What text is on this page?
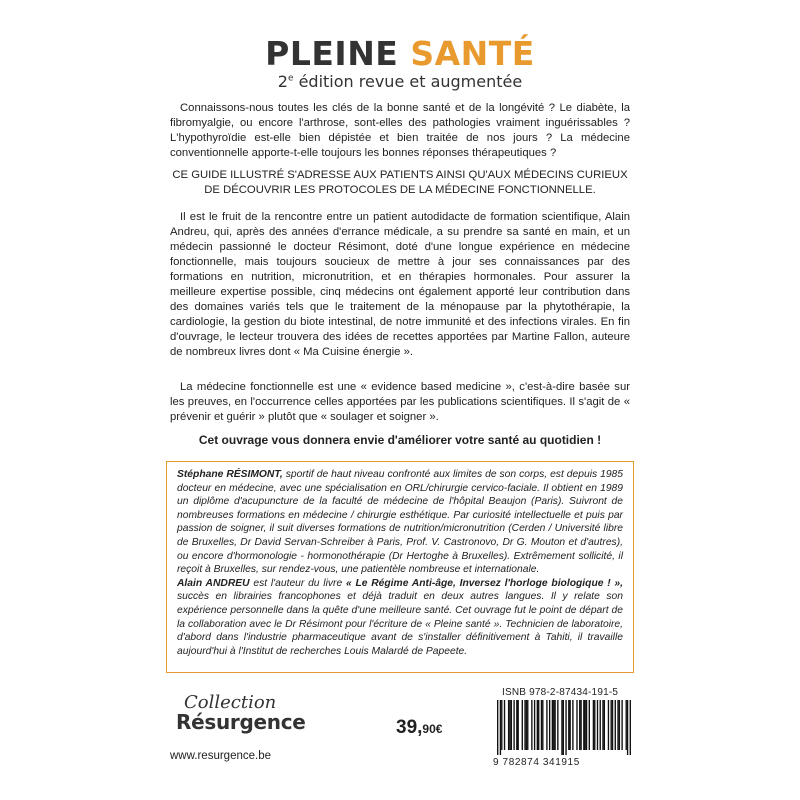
PLEINE SANTÉ
2e édition revue et augmentée
Connaissons-nous toutes les clés de la bonne santé et de la longévité ? Le diabète, la fibromyalgie, ou encore l'arthrose, sont-elles des pathologies vraiment inguérissables ? L'hypothyroïdie est-elle bien dépistée et bien traitée de nos jours ? La médecine conventionnelle apporte-t-elle toujours les bonnes réponses thérapeutiques ?
CE GUIDE ILLUSTRÉ S'ADRESSE AUX PATIENTS AINSI QU'AUX MÉDECINS CURIEUX DE DÉCOUVRIR LES PROTOCOLES DE LA MÉDECINE FONCTIONNELLE.
Il est le fruit de la rencontre entre un patient autodidacte de formation scientifique, Alain Andreu, qui, après des années d'errance médicale, a su prendre sa santé en main, et un médecin passionné le docteur Résimont, doté d'une longue expérience en médecine fonctionnelle, mais toujours soucieux de mettre à jour ses connaissances par des formations en nutrition, micronutrition, et en thérapies hormonales. Pour assurer la meilleure expertise possible, cinq médecins ont également apporté leur contribution dans des domaines variés tels que le traitement de la ménopause par la phytothérapie, la cardiologie, la gestion du biote intestinal, de notre immunité et des infections virales. En fin d'ouvrage, le lecteur trouvera des idées de recettes apportées par Martine Fallon, auteure de nombreux livres dont « Ma Cuisine énergie ».
La médecine fonctionnelle est une « evidence based medicine », c'est-à-dire basée sur les preuves, en l'occurrence celles apportées par les publications scientifiques. Il s'agit de « prévenir et guérir » plutôt que « soulager et soigner ».
Cet ouvrage vous donnera envie d'améliorer votre santé au quotidien !

Stéphane RÉSIMONT, sportif de haut niveau confronté aux limites de son corps, est depuis 1985 docteur en médecine, avec une spécialisation en ORL/chirurgie cervico-faciale. Il obtient en 1989 un diplôme d'acupuncture de la faculté de médecine de l'hôpital Beaujon (Paris). Suivront de nombreuses formations en médecine / chirurgie esthétique. Par curiosité intellectuelle et puis par passion de soigner, il suit diverses formations de nutrition/micronutrition (Cerden / Université libre de Bruxelles, Dr David Servan-Schreiber à Paris, Prof. V. Castronovo, Dr G. Mouton et d'autres), ou encore d'hormonologie - hormonothérapie (Dr Hertoghe à Bruxelles). Extrêmement sollicité, il reçoit à Bruxelles, sur rendez-vous, une patientèle nombreuse et internationale.

Alain ANDREU est l'auteur du livre « Le Régime Anti-âge, Inversez l'horloge biologique ! », succès en librairies francophones et déjà traduit en deux autres langues. Il y relate son expérience personnelle dans la quête d'une meilleure santé. Cet ouvrage fut le point de départ de la collaboration avec le Dr Résimont pour l'écriture de « Pleine santé ». Technicien de laboratoire, d'abord dans l'industrie pharmaceutique avant de s'installer définitivement à Tahiti, il travaille aujourd'hui à l'Institut de recherches Louis Malardé de Papeete.

Collection
Résurgence
www.resurgence.be
39,90€
ISNB 978-2-87434-191-5
9 782874 341915
